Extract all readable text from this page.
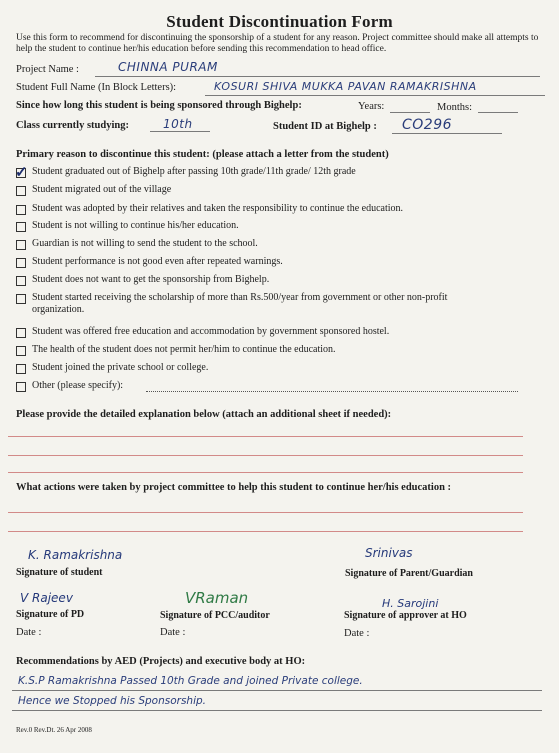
Student Discontinuation Form
Use this form to recommend for discontinuing the sponsorship of a student for any reason. Project committee should make all attempts to help the student to continue her/his education before sending this recommendation to head office.
Project Name :	CHINNA PURAM
Student Full Name (In Block Letters):	KOSURI SHIVA MUKKA PAVAN RAMAKRISHNA
Since how long this student is being sponsored through Bighelp:	Years:	Months:
Class currently studying:	10th	Student ID at Bighelp : CO296
Primary reason to discontinue this student: (please attach a letter from the student)
✓ Student graduated out of Bighelp after passing 10th grade/11th grade/ 12th grade
Student migrated out of the village
Student was adopted by their relatives and taken the responsibility to continue the education.
Student is not willing to continue his/her education.
Guardian is not willing to send the student to the school.
Student performance is not good even after repeated warnings.
Student does not want to get the sponsorship from Bighelp.
Student started receiving the scholarship of more than Rs.500/year from government or other non-profit organization.
Student was offered free education and accommodation by government sponsored hostel.
The health of the student does not permit her/him to continue the education.
Student joined the private school or college.
Other (please specify):
Please provide the detailed explanation below (attach an additional sheet if needed):
What actions were taken by project committee to help this student to continue her/his education :
K. Ramakrishna
Signature of student
Srinivas
Signature of Parent/Guardian
V Rajeev
Signature of PD
VRaman
Signature of PCC/auditor
H. Sarojini
Signature of approver at HO
Date :	Date :	Date :
Recommendations by AED (Projects) and executive body at HO:
K.S.P Ramakrishna Passed 10th Grade and joined Private college.
Hence we Stopped his Sponsorship.
Rev.0 Rev.Dt. 26 Apr 2008
